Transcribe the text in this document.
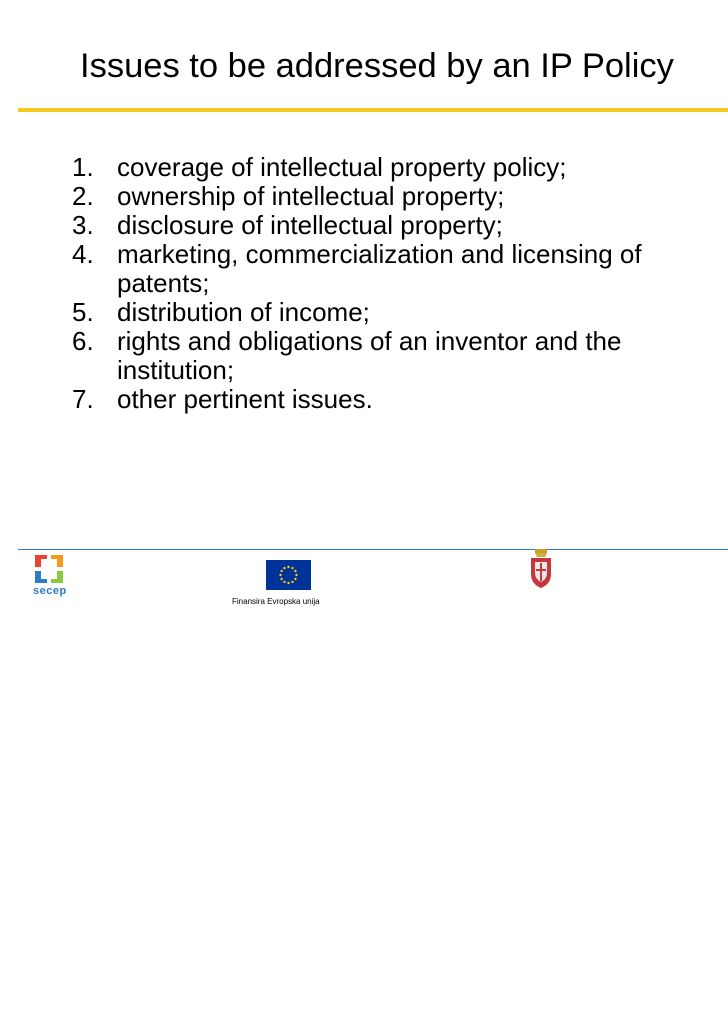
Issues to be addressed by an IP Policy
1. coverage of intellectual property policy;
2. ownership of intellectual property;
3. disclosure of intellectual property;
4. marketing, commercialization and licensing of
patents;
5. distribution of income;
6. rights and obligations of an inventor and the
institution;
7. other pertinent issues.
secep
Finansira Evropska unija
